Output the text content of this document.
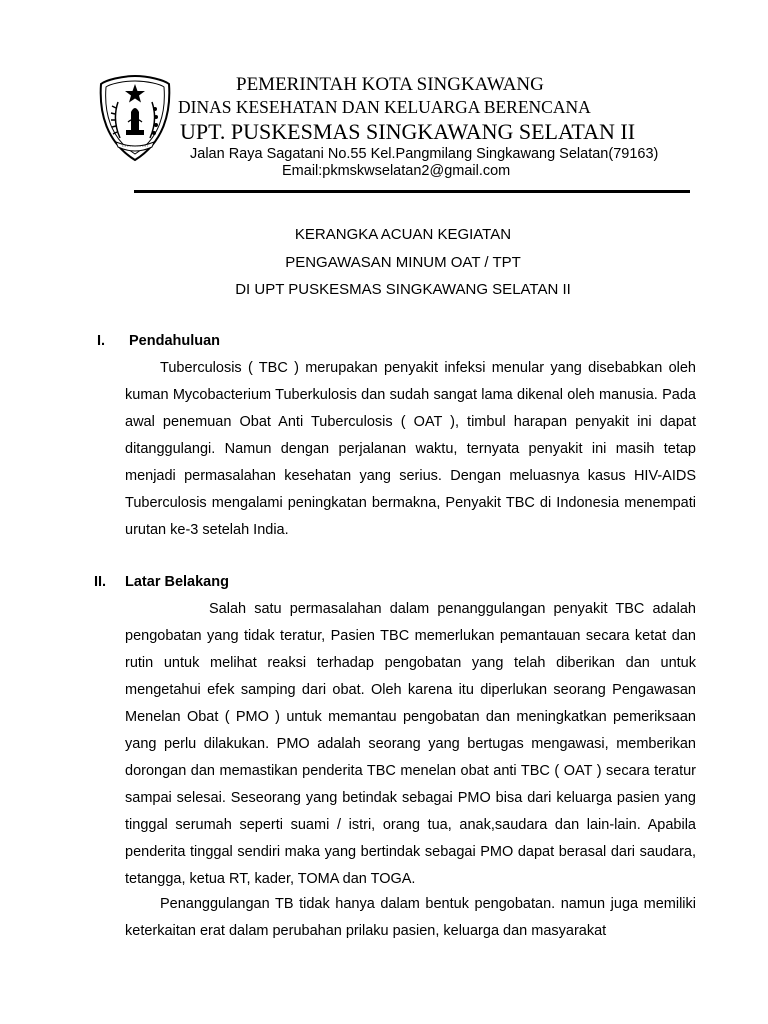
PEMERINTAH KOTA SINGKAWANG
DINAS KESEHATAN DAN KELUARGA BERENCANA
UPT. PUSKESMAS SINGKAWANG SELATAN II
Jalan Raya Sagatani No.55 Kel.Pangmilang Singkawang Selatan(79163)
Email:pkmskwselatan2@gmail.com
KERANGKA ACUAN KEGIATAN
PENGAWASAN MINUM OAT / TPT
DI UPT PUSKESMAS SINGKAWANG SELATAN II
I. Pendahuluan

Tuberculosis ( TBC ) merupakan penyakit infeksi menular yang disebabkan oleh kuman Mycobacterium Tuberkulosis dan sudah sangat lama dikenal oleh manusia. Pada awal penemuan Obat Anti Tuberculosis ( OAT ), timbul harapan penyakit ini dapat ditanggulangi. Namun dengan perjalanan waktu, ternyata penyakit ini masih tetap menjadi permasalahan kesehatan yang serius. Dengan meluasnya kasus HIV-AIDS Tuberculosis mengalami peningkatan bermakna, Penyakit TBC di Indonesia menempati urutan ke-3 setelah India.

II. Latar Belakang

Salah satu permasalahan dalam penanggulangan penyakit TBC adalah pengobatan yang tidak teratur, Pasien TBC memerlukan pemantauan secara ketat dan rutin untuk melihat reaksi terhadap pengobatan yang telah diberikan dan untuk mengetahui efek samping dari obat. Oleh karena itu diperlukan seorang Pengawasan Menelan Obat ( PMO ) untuk memantau pengobatan dan meningkatkan pemeriksaan yang perlu dilakukan. PMO adalah seorang yang bertugas mengawasi, memberikan dorongan dan memastikan penderita TBC menelan obat anti TBC ( OAT ) secara teratur sampai selesai. Seseorang yang betindak sebagai PMO bisa dari keluarga pasien yang tinggal serumah seperti suami / istri, orang tua, anak,saudara dan lain-lain. Apabila penderita tinggal sendiri maka yang bertindak sebagai PMO dapat berasal dari saudara, tetangga, ketua RT, kader, TOMA dan TOGA.

Penanggulangan TB tidak hanya dalam bentuk pengobatan. namun juga memiliki keterkaitan erat dalam perubahan prilaku pasien, keluarga dan masyarakat
